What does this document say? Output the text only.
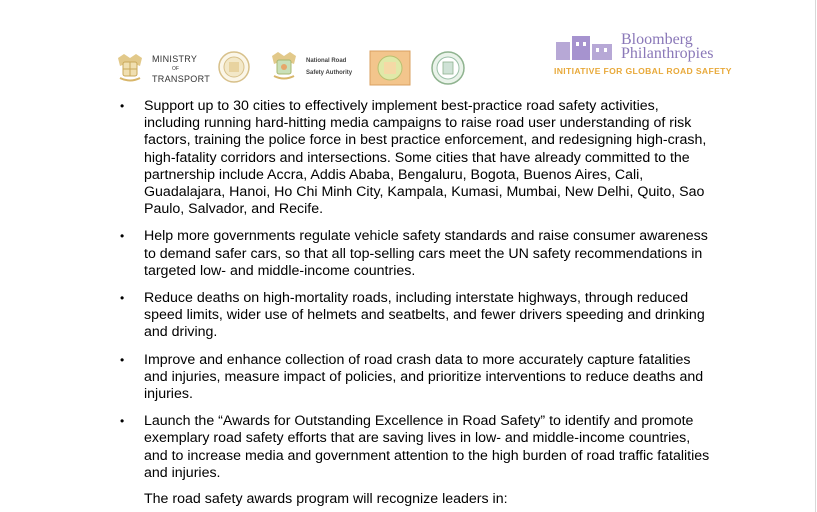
MINISTRY
OF
TRANSPORT
National Road
Safety Authority
Bloomberg
Philanthropies
INITIATIVE FOR GLOBAL ROAD SAFETY
• Support up to 30 cities to effectively implement best-practice road safety activities, including running hard-hitting media campaigns to raise road user understanding of risk factors, training the police force in best practice enforcement, and redesigning high-crash, high-fatality corridors and intersections. Some cities that have already committed to the partnership include Accra, Addis Ababa, Bengaluru, Bogota, Buenos Aires, Cali, Guadalajara, Hanoi, Ho Chi Minh City, Kampala, Kumasi, Mumbai, New Delhi, Quito, Sao Paulo, Salvador, and Recife.
• Help more governments regulate vehicle safety standards and raise consumer awareness to demand safer cars, so that all top-selling cars meet the UN safety recommendations in targeted low- and middle-income countries.
• Reduce deaths on high-mortality roads, including interstate highways, through reduced speed limits, wider use of helmets and seatbelts, and fewer drivers speeding and drinking and driving.
• Improve and enhance collection of road crash data to more accurately capture fatalities and injuries, measure impact of policies, and prioritize interventions to reduce deaths and injuries.
• Launch the “Awards for Outstanding Excellence in Road Safety” to identify and promote exemplary road safety efforts that are saving lives in low- and middle-income countries, and to increase media and government attention to the high burden of road traffic fatalities and injuries.
The road safety awards program will recognize leaders in:
